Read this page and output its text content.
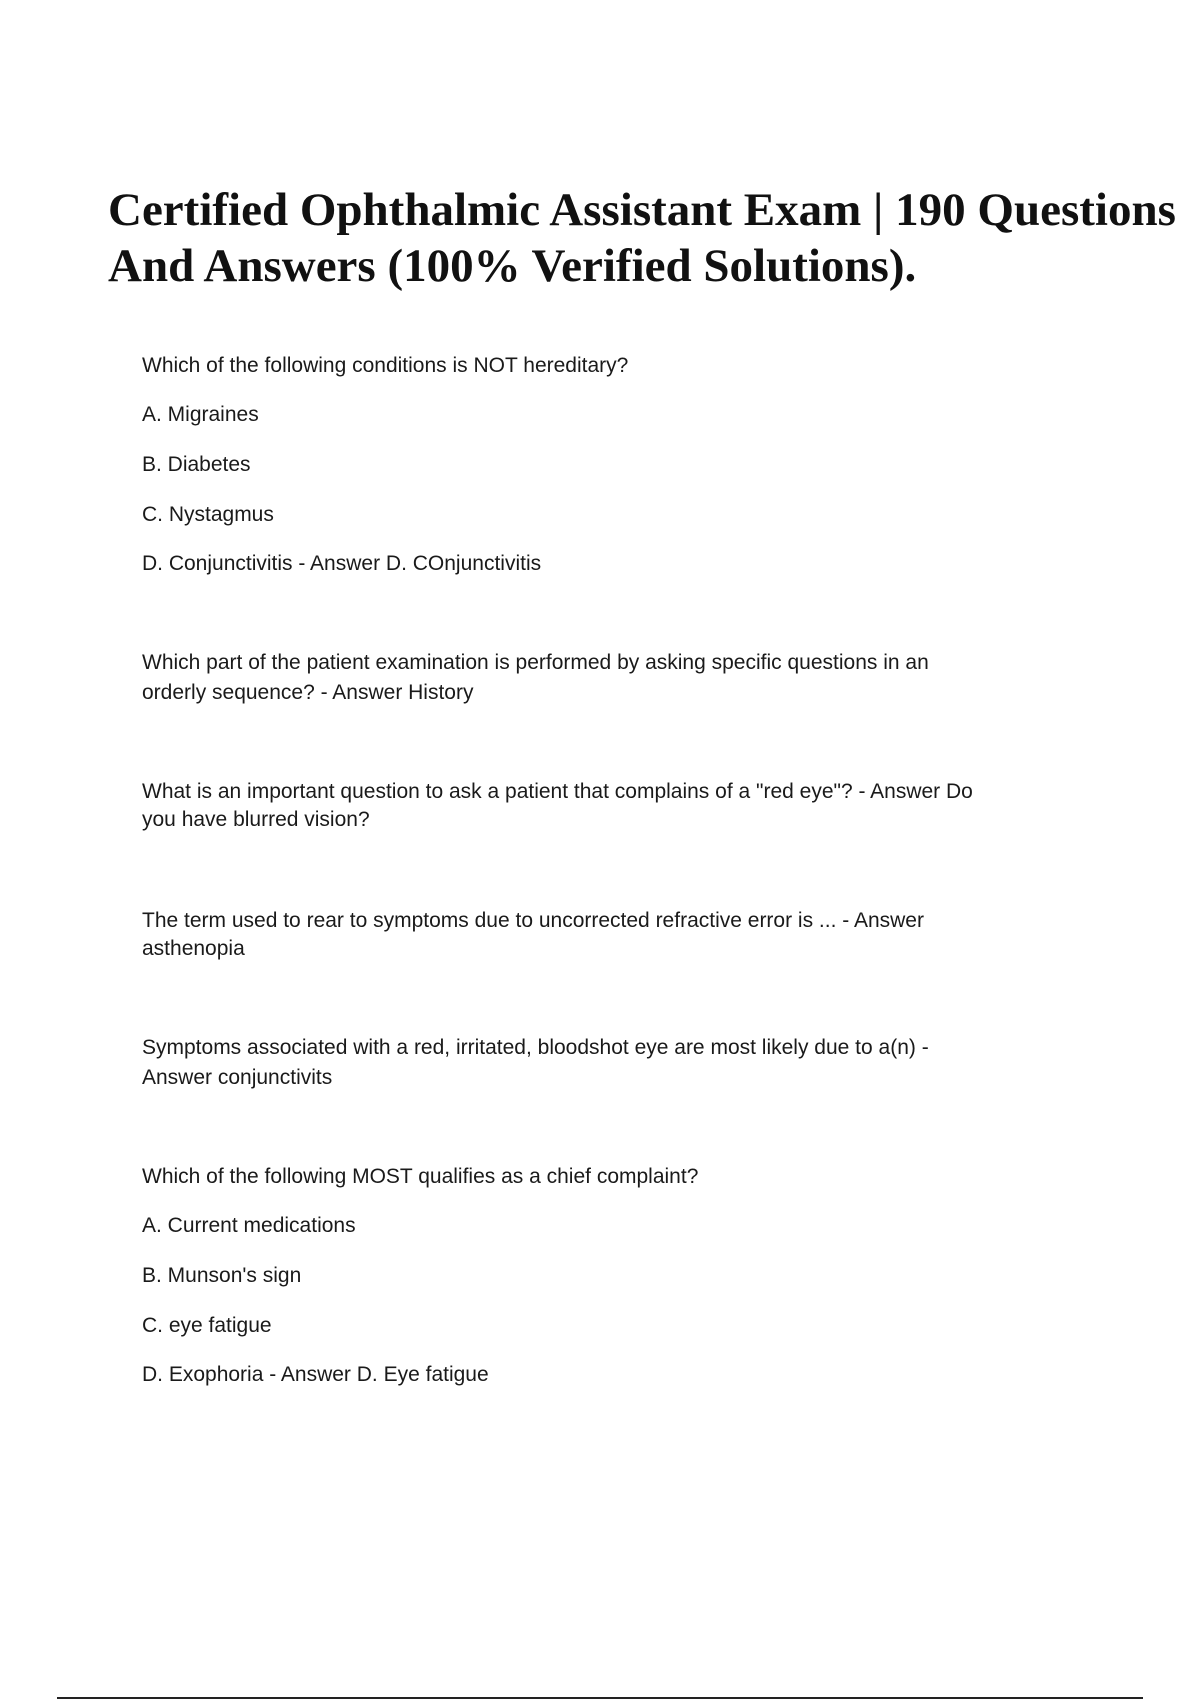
Certified Ophthalmic Assistant Exam | 190 Questions
And Answers (100% Verified Solutions).

Which of the following conditions is NOT hereditary?

A. Migraines

B. Diabetes

C. Nystagmus

D. Conjunctivitis - Answer D. COnjunctivitis

Which part of the patient examination is performed by asking specific questions in an

orderly sequence? - Answer History

What is an important question to ask a patient that complains of a "red eye"? - Answer Do

you have blurred vision?

The term used to rear to symptoms due to uncorrected refractive error is ... - Answer

asthenopia

Symptoms associated with a red, irritated, bloodshot eye are most likely due to a(n) -

Answer conjunctivits

Which of the following MOST qualifies as a chief complaint?

A. Current medications

B. Munson's sign

C. eye fatigue

D. Exophoria - Answer D. Eye fatigue
